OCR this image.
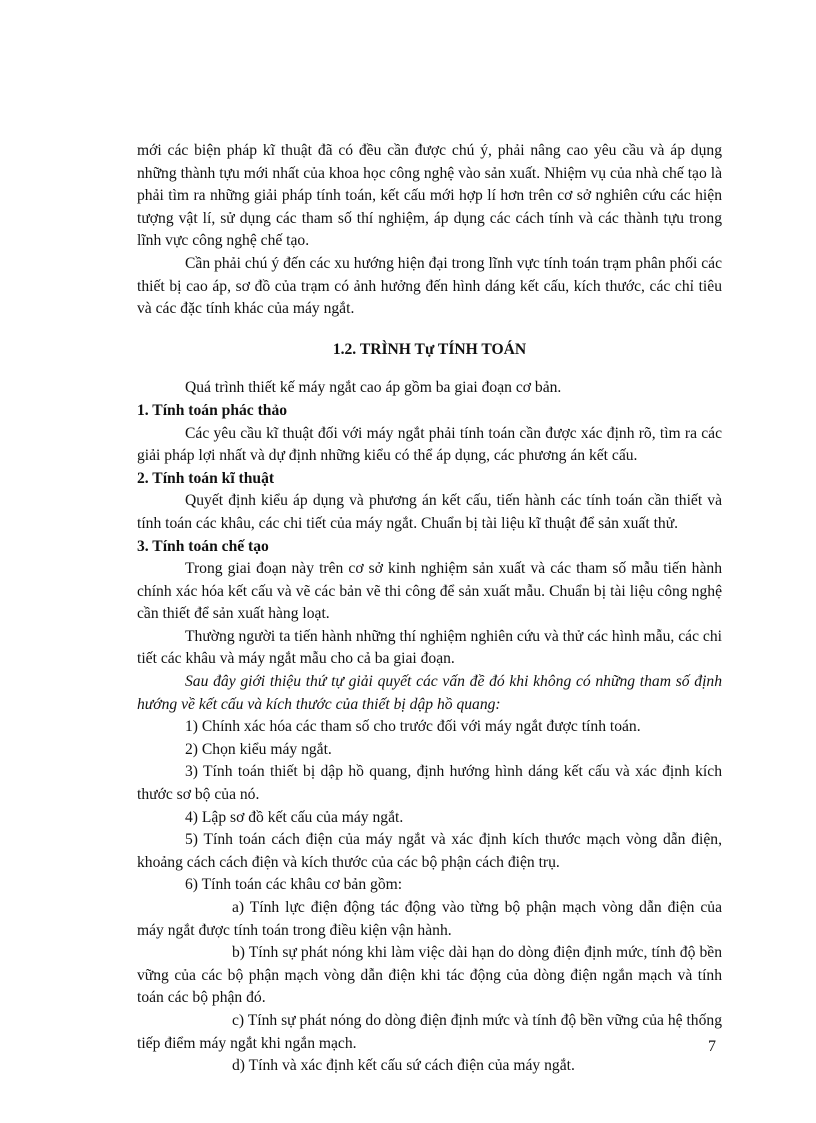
mới các biện pháp kĩ thuật đã có đều cần được chú ý, phải nâng cao yêu cầu và áp dụng những thành tựu mới nhất của khoa học công nghệ vào sản xuất. Nhiệm vụ của nhà chế tạo là phải tìm ra những giải pháp tính toán, kết cấu mới hợp lí hơn trên cơ sở nghiên cứu các hiện tượng vật lí, sử dụng các tham số thí nghiệm, áp dụng các cách tính và các thành tựu trong lĩnh vực công nghệ chế tạo.

Cần phải chú ý đến các xu hướng hiện đại trong lĩnh vực tính toán trạm phân phối các thiết bị cao áp, sơ đồ của trạm có ảnh hưởng đến hình dáng kết cấu, kích thước, các chỉ tiêu và các đặc tính khác của máy ngắt.

1.2. TRÌNH Tự TÍNH TOÁN

Quá trình thiết kế máy ngắt cao áp gồm ba giai đoạn cơ bản.

1. Tính toán phác thảo

Các yêu cầu kĩ thuật đối với máy ngắt phải tính toán cần được xác định rõ, tìm ra các giải pháp lợi nhất và dự định những kiểu có thể áp dụng, các phương án kết cấu.

2. Tính toán kĩ thuật

Quyết định kiểu áp dụng và phương án kết cấu, tiến hành các tính toán cần thiết và tính toán các khâu, các chi tiết của máy ngắt. Chuẩn bị tài liệu kĩ thuật để sản xuất thử.

3. Tính toán chế tạo

Trong giai đoạn này trên cơ sở kinh nghiệm sản xuất và các tham số mẫu tiến hành chính xác hóa kết cấu và vẽ các bản vẽ thi công để sản xuất mẫu. Chuẩn bị tài liệu công nghệ cần thiết để sản xuất hàng loạt.

Thường người ta tiến hành những thí nghiệm nghiên cứu và thử các hình mẫu, các chi tiết các khâu và máy ngắt mẫu cho cả ba giai đoạn.

Sau đây giới thiệu thứ tự giải quyết các vấn đề đó khi không có những tham số định hướng về kết cấu và kích thước của thiết bị dập hồ quang:

1) Chính xác hóa các tham số cho trước đối với máy ngắt được tính toán.

2) Chọn kiểu máy ngắt.

3) Tính toán thiết bị dập hồ quang, định hướng hình dáng kết cấu và xác định kích thước sơ bộ của nó.

4) Lập sơ đồ kết cấu của máy ngắt.

5) Tính toán cách điện của máy ngắt và xác định kích thước mạch vòng dẫn điện, khoảng cách cách điện và kích thước của các bộ phận cách điện trụ.

6) Tính toán các khâu cơ bản gồm:

a) Tính lực điện động tác động vào từng bộ phận mạch vòng dẫn điện của máy ngắt được tính toán trong điều kiện vận hành.

b) Tính sự phát nóng khi làm việc dài hạn do dòng điện định mức, tính độ bền vững của các bộ phận mạch vòng dẫn điện khi tác động của dòng điện ngắn mạch và tính toán các bộ phận đó.

c) Tính sự phát nóng do dòng điện định mức và tính độ bền vững của hệ thống tiếp điểm máy ngắt khi ngắn mạch.

d) Tính và xác định kết cấu sứ cách điện của máy ngắt.

7
